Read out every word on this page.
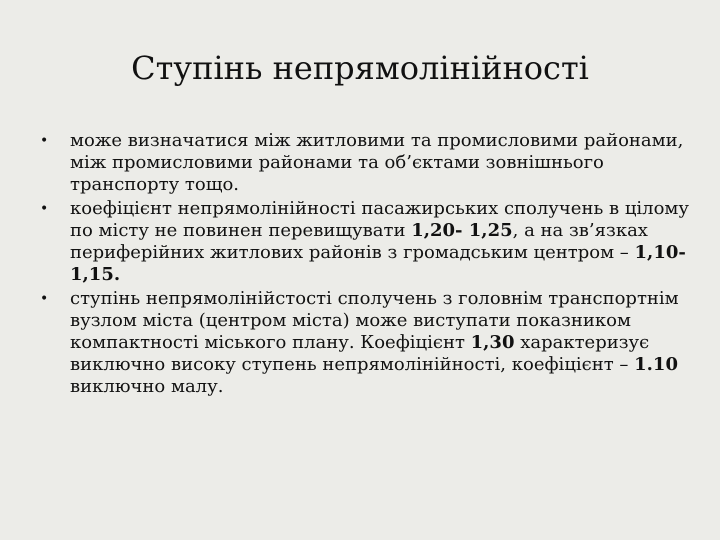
Ступінь непрямолінійності
• може визначатися між житловими та промисловими районами, між промисловими районами та об’єктами зовнішнього транспорту тощо.
• коефіцієнт непрямолінійності пасажирських сполучень в цілому по місту не повинен перевищувати 1,20- 1,25, а на зв’язках периферійних житлових районів з громадським центром – 1,10-1,15.
• ступінь непрямолінійстості сполучень з головнім транспортнім вузлом міста (центром міста) може виступати показником компактності міського плану. Коефіцієнт 1,30 характеризує виключно високу ступень непрямолінійності, коефіцієнт – 1.10 виключно малу.
